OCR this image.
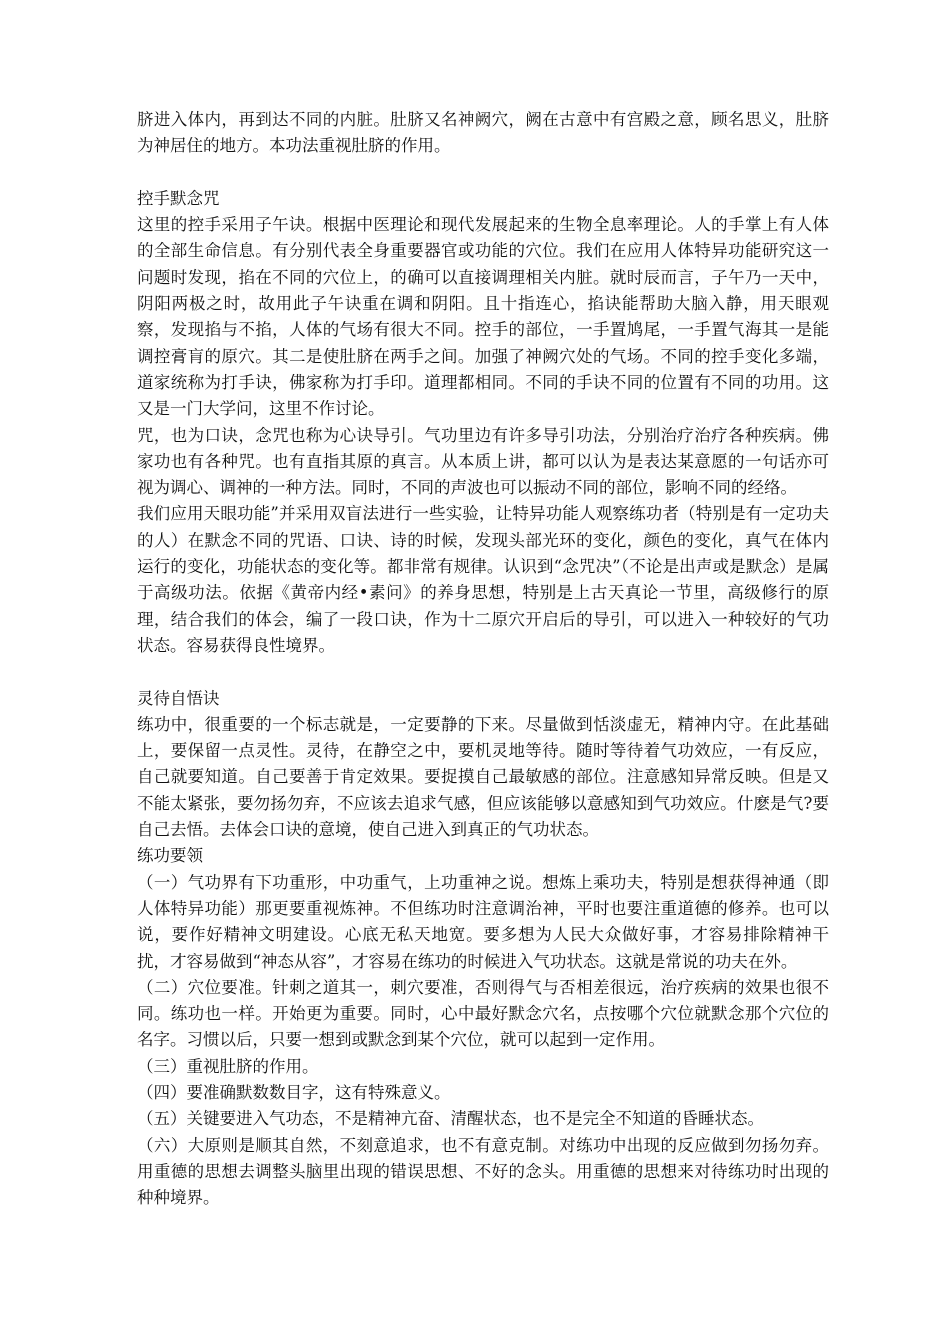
脐进入体内，再到达不同的内脏。肚脐又名神阙穴，阙在古意中有宫殿之意，顾名思义，肚脐为神居住的地方。本功法重视肚脐的作用。

控手默念咒

这里的控手采用子午诀。根据中医理论和现代发展起来的生物全息率理论。人的手掌上有人体的全部生命信息。有分别代表全身重要器官或功能的穴位。我们在应用人体特异功能研究这一问题时发现，掐在不同的穴位上，的确可以直接调理相关内脏。就时辰而言，子午乃一天中，阴阳两极之时，故用此子午诀重在调和阴阳。且十指连心，掐诀能帮助大脑入静，用天眼观察，发现掐与不掐，人体的气场有很大不同。控手的部位，一手置鸠尾，一手置气海其一是能调控膏肓的原穴。其二是使肚脐在两手之间。加强了神阙穴处的气场。不同的控手变化多端，道家统称为打手诀，佛家称为打手印。道理都相同。不同的手诀不同的位置有不同的功用。这又是一门大学问，这里不作讨论。

咒，也为口诀，念咒也称为心诀导引。气功里边有许多导引功法，分别治疗治疗各种疾病。佛家功也有各种咒。也有直指其原的真言。从本质上讲，都可以认为是表达某意愿的一句话亦可视为调心、调神的一种方法。同时，不同的声波也可以振动不同的部位，影响不同的经络。

我们应用天眼功能”并采用双盲法进行一些实验，让特异功能人观察练功者（特别是有一定功夫的人）在默念不同的咒语、口诀、诗的时候，发现头部光环的变化，颜色的变化，真气在体内运行的变化，功能状态的变化等。都非常有规律。认识到“念咒决”（不论是出声或是默念）是属于高级功法。依据《黄帝内经•素问》的养身思想，特别是上古天真论一节里，高级修行的原理，结合我们的体会，编了一段口诀，作为十二原穴开启后的导引，可以进入一种较好的气功状态。容易获得良性境界。

灵待自悟诀

练功中，很重要的一个标志就是，一定要静的下来。尽量做到恬淡虚无，精神内守。在此基础上，要保留一点灵性。灵待，在静空之中，要机灵地等待。随时等待着气功效应，一有反应，自己就要知道。自己要善于肯定效果。要捉摸自己最敏感的部位。注意感知异常反映。但是又不能太紧张，要勿扬勿弃，不应该去追求气感，但应该能够以意感知到气功效应。什麽是气?要自己去悟。去体会口诀的意境，使自己进入到真正的气功状态。

练功要领

（一）气功界有下功重形，中功重气，上功重神之说。想炼上乘功夫，特别是想获得神通（即人体特异功能）那更要重视炼神。不但练功时注意调治神，平时也要注重道德的修养。也可以说，要作好精神文明建设。心底无私天地宽。要多想为人民大众做好事，才容易排除精神干扰，才容易做到“神态从容”，才容易在练功的时候进入气功状态。这就是常说的功夫在外。

（二）穴位要准。针刺之道其一，刺穴要准，否则得气与否相差很远，治疗疾病的效果也很不同。练功也一样。开始更为重要。同时，心中最好默念穴名，点按哪个穴位就默念那个穴位的名字。习惯以后，只要一想到或默念到某个穴位，就可以起到一定作用。

（三）重视肚脐的作用。

（四）要准确默数数目字，这有特殊意义。

（五）关键要进入气功态，不是精神亢奋、清醒状态，也不是完全不知道的昏睡状态。

（六）大原则是顺其自然，不刻意追求，也不有意克制。对练功中出现的反应做到勿扬勿弃。用重德的思想去调整头脑里出现的错误思想、不好的念头。用重德的思想来对待练功时出现的种种境界。
